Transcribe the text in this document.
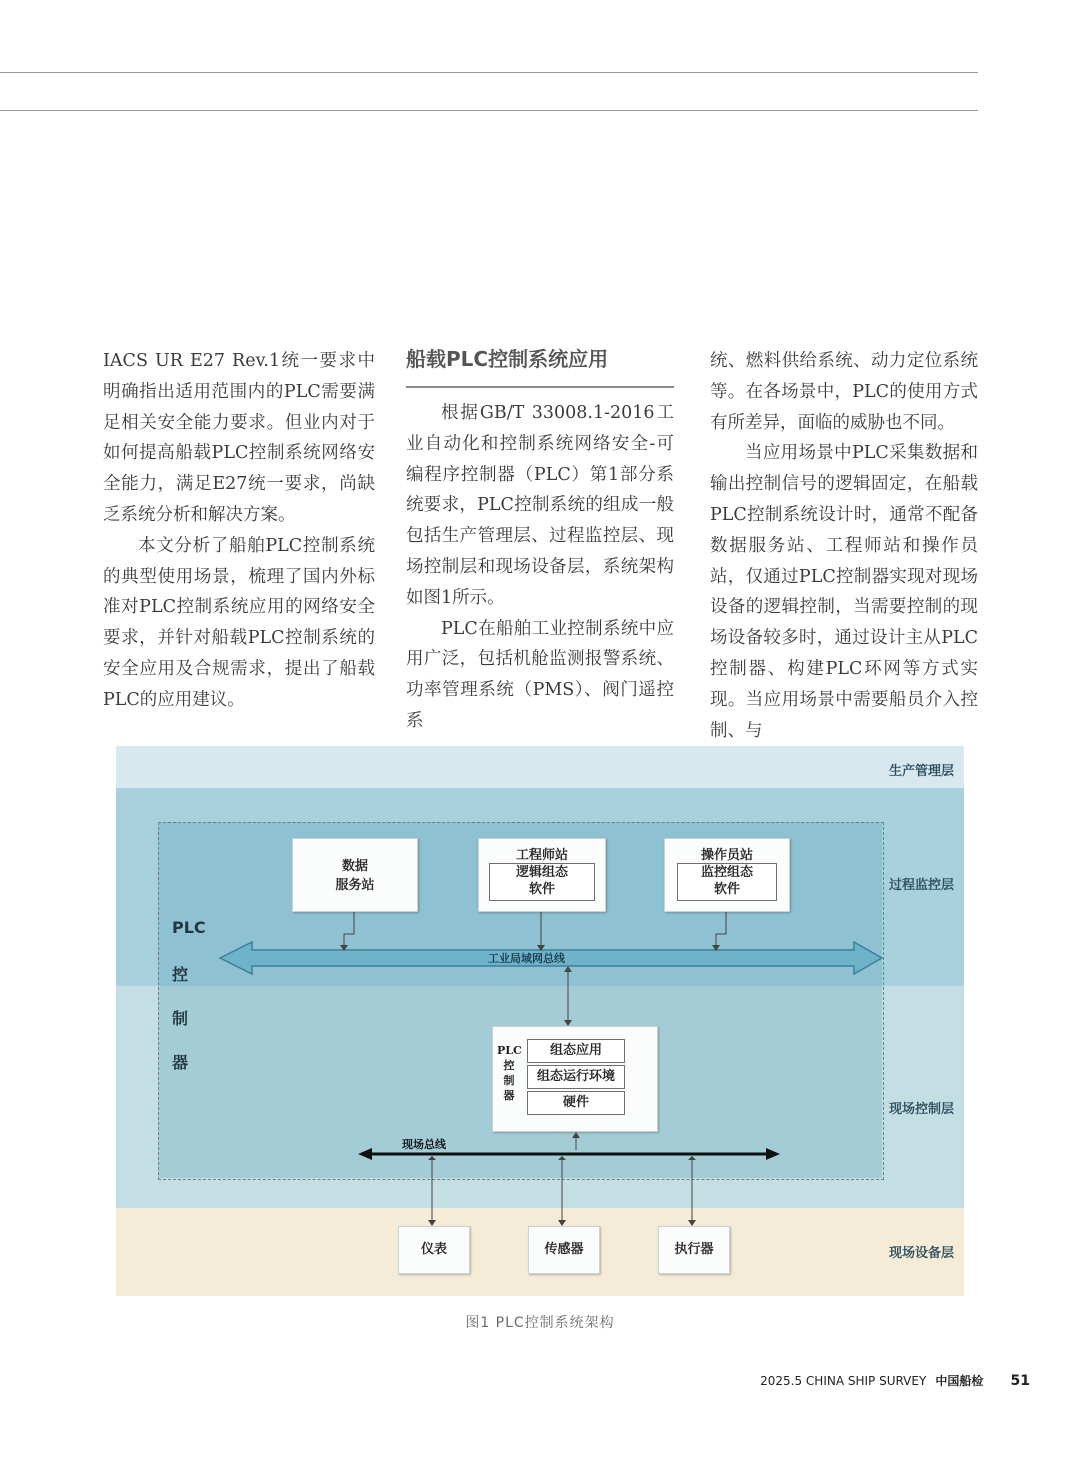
IACS UR E27 Rev.1统一要求中明确指出适用范围内的PLC需要满足相关安全能力要求。但业内对于如何提高船载PLC控制系统网络安全能力，满足E27统一要求，尚缺乏系统分析和解决方案。

本文分析了船舶PLC控制系统的典型使用场景，梳理了国内外标准对PLC控制系统应用的网络安全要求，并针对船载PLC控制系统的安全应用及合规需求，提出了船载PLC的应用建议。

船载PLC控制系统应用

根据GB/T 33008.1-2016工业自动化和控制系统网络安全-可编程序控制器（PLC）第1部分系统要求，PLC控制系统的组成一般包括生产管理层、过程监控层、现场控制层和现场设备层，系统架构如图1所示。

PLC在船舶工业控制系统中应用广泛，包括机舱监测报警系统、功率管理系统（PMS）、阀门遥控系

统、燃料供给系统、动力定位系统等。在各场景中，PLC的使用方式有所差异，面临的威胁也不同。

当应用场景中PLC采集数据和输出控制信号的逻辑固定，在船载PLC控制系统设计时，通常不配备数据服务站、工程师站和操作员站，仅通过PLC控制器实现对现场设备的逻辑控制，当需要控制的现场设备较多时，通过设计主从PLC控制器、构建PLC环网等方式实现。当应用场景中需要船员介入控制、与

生产管理层
过程监控层
现场控制层
现场设备层
PLC
控
制
器
工业局域网总线
现场总线
数据
服务站
工程师站
逻辑组态
软件
操作员站
监控组态
软件
PLC
控
制
器
组态应用
组态运行环境
硬件
仪表	传感器	执行器
图1 PLC控制系统架构
2025.5 CHINA SHIP SURVEY 中国船检 51
